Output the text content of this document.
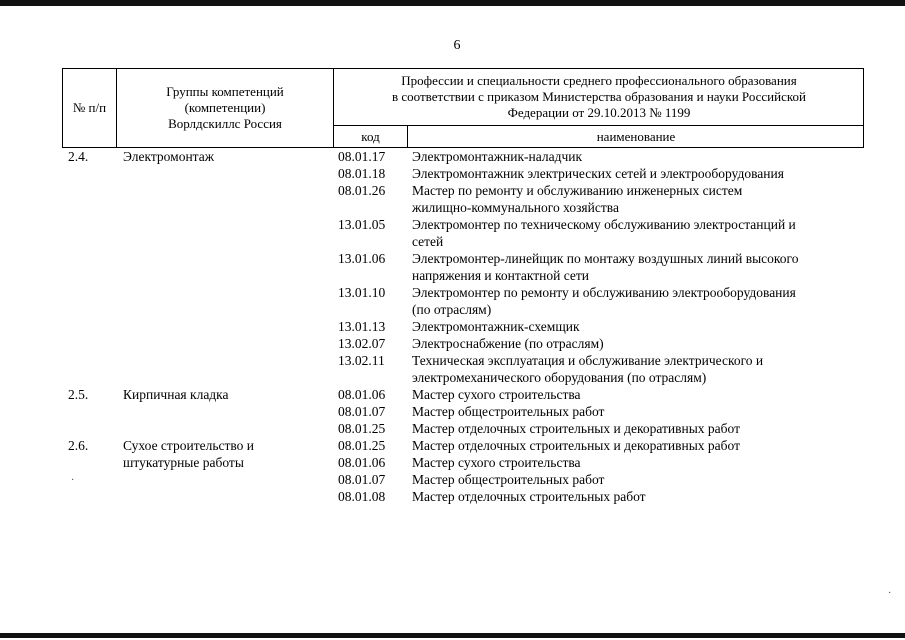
6
№ п/п
Группы компетенций
(компетенции)
Ворлдскиллс Россия
Профессии и специальности среднего профессионального образования
в соответствии с приказом Министерства образования и науки Российской
Федерации от 29.10.2013 № 1199
код	наименование
2.4.	Электромонтаж	08.01.17 Электромонтажник-наладчик
08.01.18 Электромонтажник электрических сетей и электрооборудования
08.01.26 Мастер по ремонту и обслуживанию инженерных систем
жилищно-коммунального хозяйства
13.01.05 Электромонтер по техническому обслуживанию электростанций и
сетей
13.01.06 Электромонтер-линейщик по монтажу воздушных линий высокого
напряжения и контактной сети
13.01.10 Электромонтер по ремонту и обслуживанию электрооборудования
(по отраслям)
13.01.13 Электромонтажник-схемщик
13.02.07 Электроснабжение (по отраслям)
13.02.11 Техническая эксплуатация и обслуживание электрического и
электромеханического оборудования (по отраслям)
2.5.	Кирпичная кладка	08.01.06 Мастер сухого строительства
08.01.07 Мастер общестроительных работ
08.01.25 Мастер отделочных строительных и декоративных работ
2.6.	Сухое строительство и	08.01.25 Мастер отделочных строительных и декоративных работ
штукатурные работы	08.01.06 Мастер сухого строительства
08.01.07 Мастер общестроительных работ
08.01.08 Мастер отделочных строительных работ
·
·
